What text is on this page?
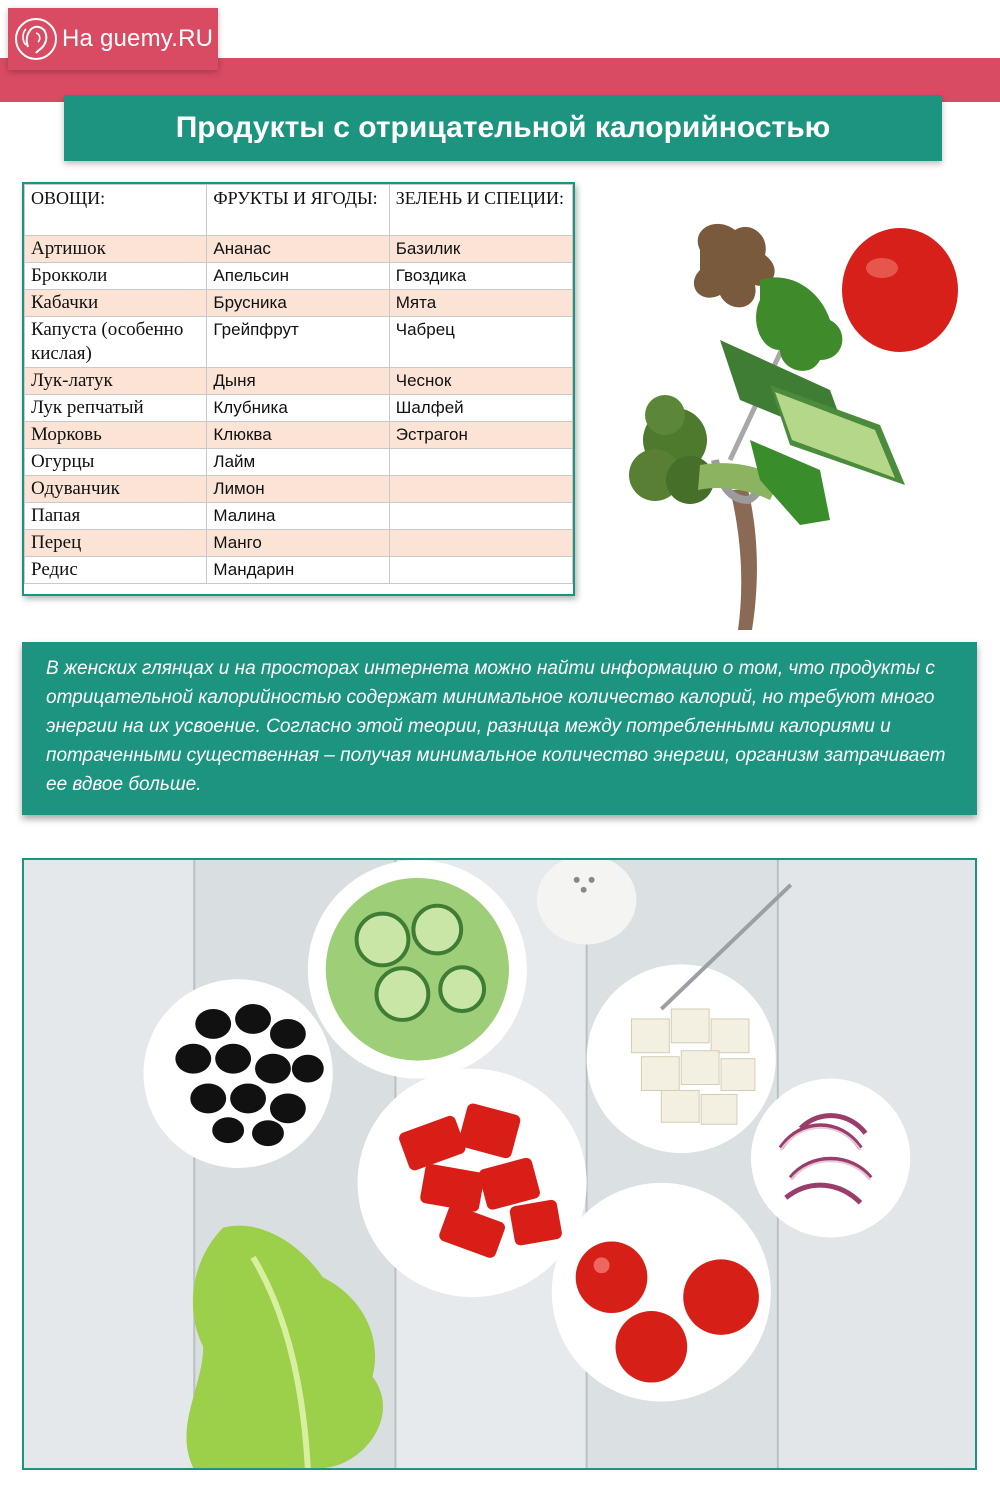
Ha guemy.RU
Продукты с отрицательной калорийностью
ОВОЩИ:	ФРУКТЫ И ЯГОДЫ:	ЗЕЛЕНЬ И СПЕЦИИ:
Артишок	Ананас	Базилик
Брокколи	Апельсин	Гвоздика
Кабачки	Брусника	Мята
Капуста (особенно кислая)	Грейпфрут	Чабрец
Лук-латук	Дыня	Чеснок
Лук репчатый	Клубника	Шалфей
Морковь	Клюква	Эстрагон
Огурцы	Лайм	
Одуванчик	Лимон	
Папая	Малина	
Перец	Манго	
Редис	Мандарин	

В женских глянцах и на просторах интернета можно найти информацию о том, что продукты с отрицательной калорийностью содержат минимальное количество калорий, но требуют много энергии на их усвоение. Согласно этой теории, разница между потребленными калориями и потраченными существенная – получая минимальное количество энергии, организм затрачивает ее вдвое больше.
